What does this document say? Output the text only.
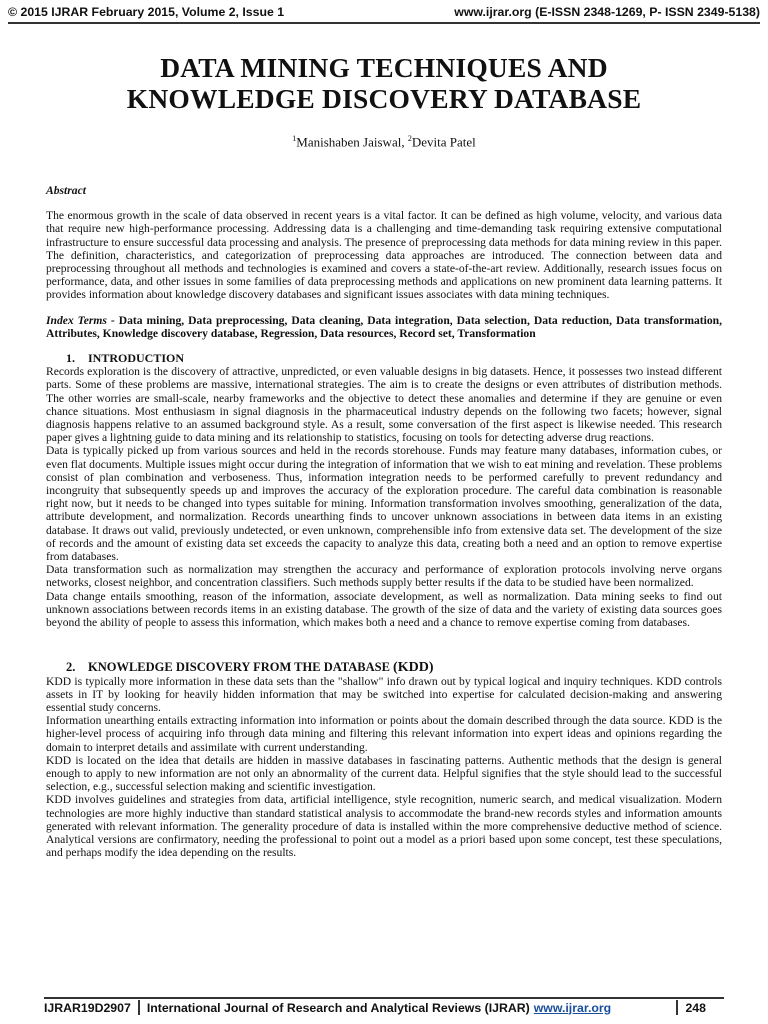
© 2015 IJRAR February 2015, Volume 2, Issue 1	www.ijrar.org (E-ISSN 2348-1269, P- ISSN 2349-5138)
DATA MINING TECHNIQUES AND
KNOWLEDGE DISCOVERY DATABASE
$^1$Manishaben Jaiswal, $^2$Devita Patel

Abstract

The enormous growth in the scale of data observed in recent years is a vital factor. It can be defined as high volume, velocity, and various data that require new high-performance processing. Addressing data is a challenging and time-demanding task requiring extensive computational infrastructure to ensure successful data processing and analysis. The presence of preprocessing data methods for data mining review in this paper. The definition, characteristics, and categorization of preprocessing data approaches are introduced. The connection between data and preprocessing throughout all methods and technologies is examined and covers a state-of-the-art review. Additionally, research issues focus on performance, data, and other issues in some families of data preprocessing methods and applications on new prominent data learning patterns. It provides information about knowledge discovery databases and significant issues associates with data mining techniques.

Index Terms - Data mining, Data preprocessing, Data cleaning, Data integration, Data selection, Data reduction, Data transformation, Attributes, Knowledge discovery database, Regression, Data resources, Record set, Transformation

1. INTRODUCTION

Records exploration is the discovery of attractive, unpredicted, or even valuable designs in big datasets. Hence, it possesses two instead different parts. Some of these problems are massive, international strategies. The aim is to create the designs or even attributes of distribution methods. The other worries are small-scale, nearby frameworks and the objective to detect these anomalies and determine if they are genuine or even chance situations. Most enthusiasm in signal diagnosis in the pharmaceutical industry depends on the following two facets; however, signal diagnosis happens relative to an assumed background style. As a result, some conversation of the first aspect is likewise needed. This research paper gives a lightning guide to data mining and its relationship to statistics, focusing on tools for detecting adverse drug reactions.

Data is typically picked up from various sources and held in the records storehouse. Funds may feature many databases, information cubes, or even flat documents. Multiple issues might occur during the integration of information that we wish to eat mining and revelation. These problems consist of plan combination and verboseness. Thus, information integration needs to be performed carefully to prevent redundancy and incongruity that subsequently speeds up and improves the accuracy of the exploration procedure. The careful data combination is reasonable right now, but it needs to be changed into types suitable for mining. Information transformation involves smoothing, generalization of the data, attribute development, and normalization. Records unearthing finds to uncover unknown associations in between data items in an existing database. It draws out valid, previously undetected, or even unknown, comprehensible info from extensive data set. The development of the size of records and the amount of existing data set exceeds the capacity to analyze this data, creating both a need and an option to remove expertise from databases.

Data transformation such as normalization may strengthen the accuracy and performance of exploration protocols involving nerve organs networks, closest neighbor, and concentration classifiers. Such methods supply better results if the data to be studied have been normalized.

Data change entails smoothing, reason of the information, associate development, as well as normalization. Data mining seeks to find out unknown associations between records items in an existing database. The growth of the size of data and the variety of existing data sources goes beyond the ability of people to assess this information, which makes both a need and a chance to remove expertise coming from databases.

2. KNOWLEDGE DISCOVERY FROM THE DATABASE (KDD)

KDD is typically more information in these data sets than the "shallow" info drawn out by typical logical and inquiry techniques. KDD controls assets in IT by looking for heavily hidden information that may be switched into expertise for calculated decision-making and answering essential study concerns.

Information unearthing entails extracting information into information or points about the domain described through the data source. KDD is the higher-level process of acquiring info through data mining and filtering this relevant information into expert ideas and opinions regarding the domain to interpret details and assimilate with current understanding.

KDD is located on the idea that details are hidden in massive databases in fascinating patterns. Authentic methods that the design is general enough to apply to new information are not only an abnormality of the current data. Helpful signifies that the style should lead to the successful selection, e.g., successful selection making and scientific investigation.

KDD involves guidelines and strategies from data, artificial intelligence, style recognition, numeric search, and medical visualization. Modern technologies are more highly inductive than standard statistical analysis to accommodate the brand-new records styles and information amounts generated with relevant information. The generality procedure of data is installed within the more comprehensive deductive method of science. Analytical versions are confirmatory, needing the professional to point out a model as a priori based upon some concept, test these speculations, and perhaps modify the idea depending on the results.

IJRAR19D2907 International Journal of Research and Analytical Reviews (IJRAR) www.ijrar.org	248
